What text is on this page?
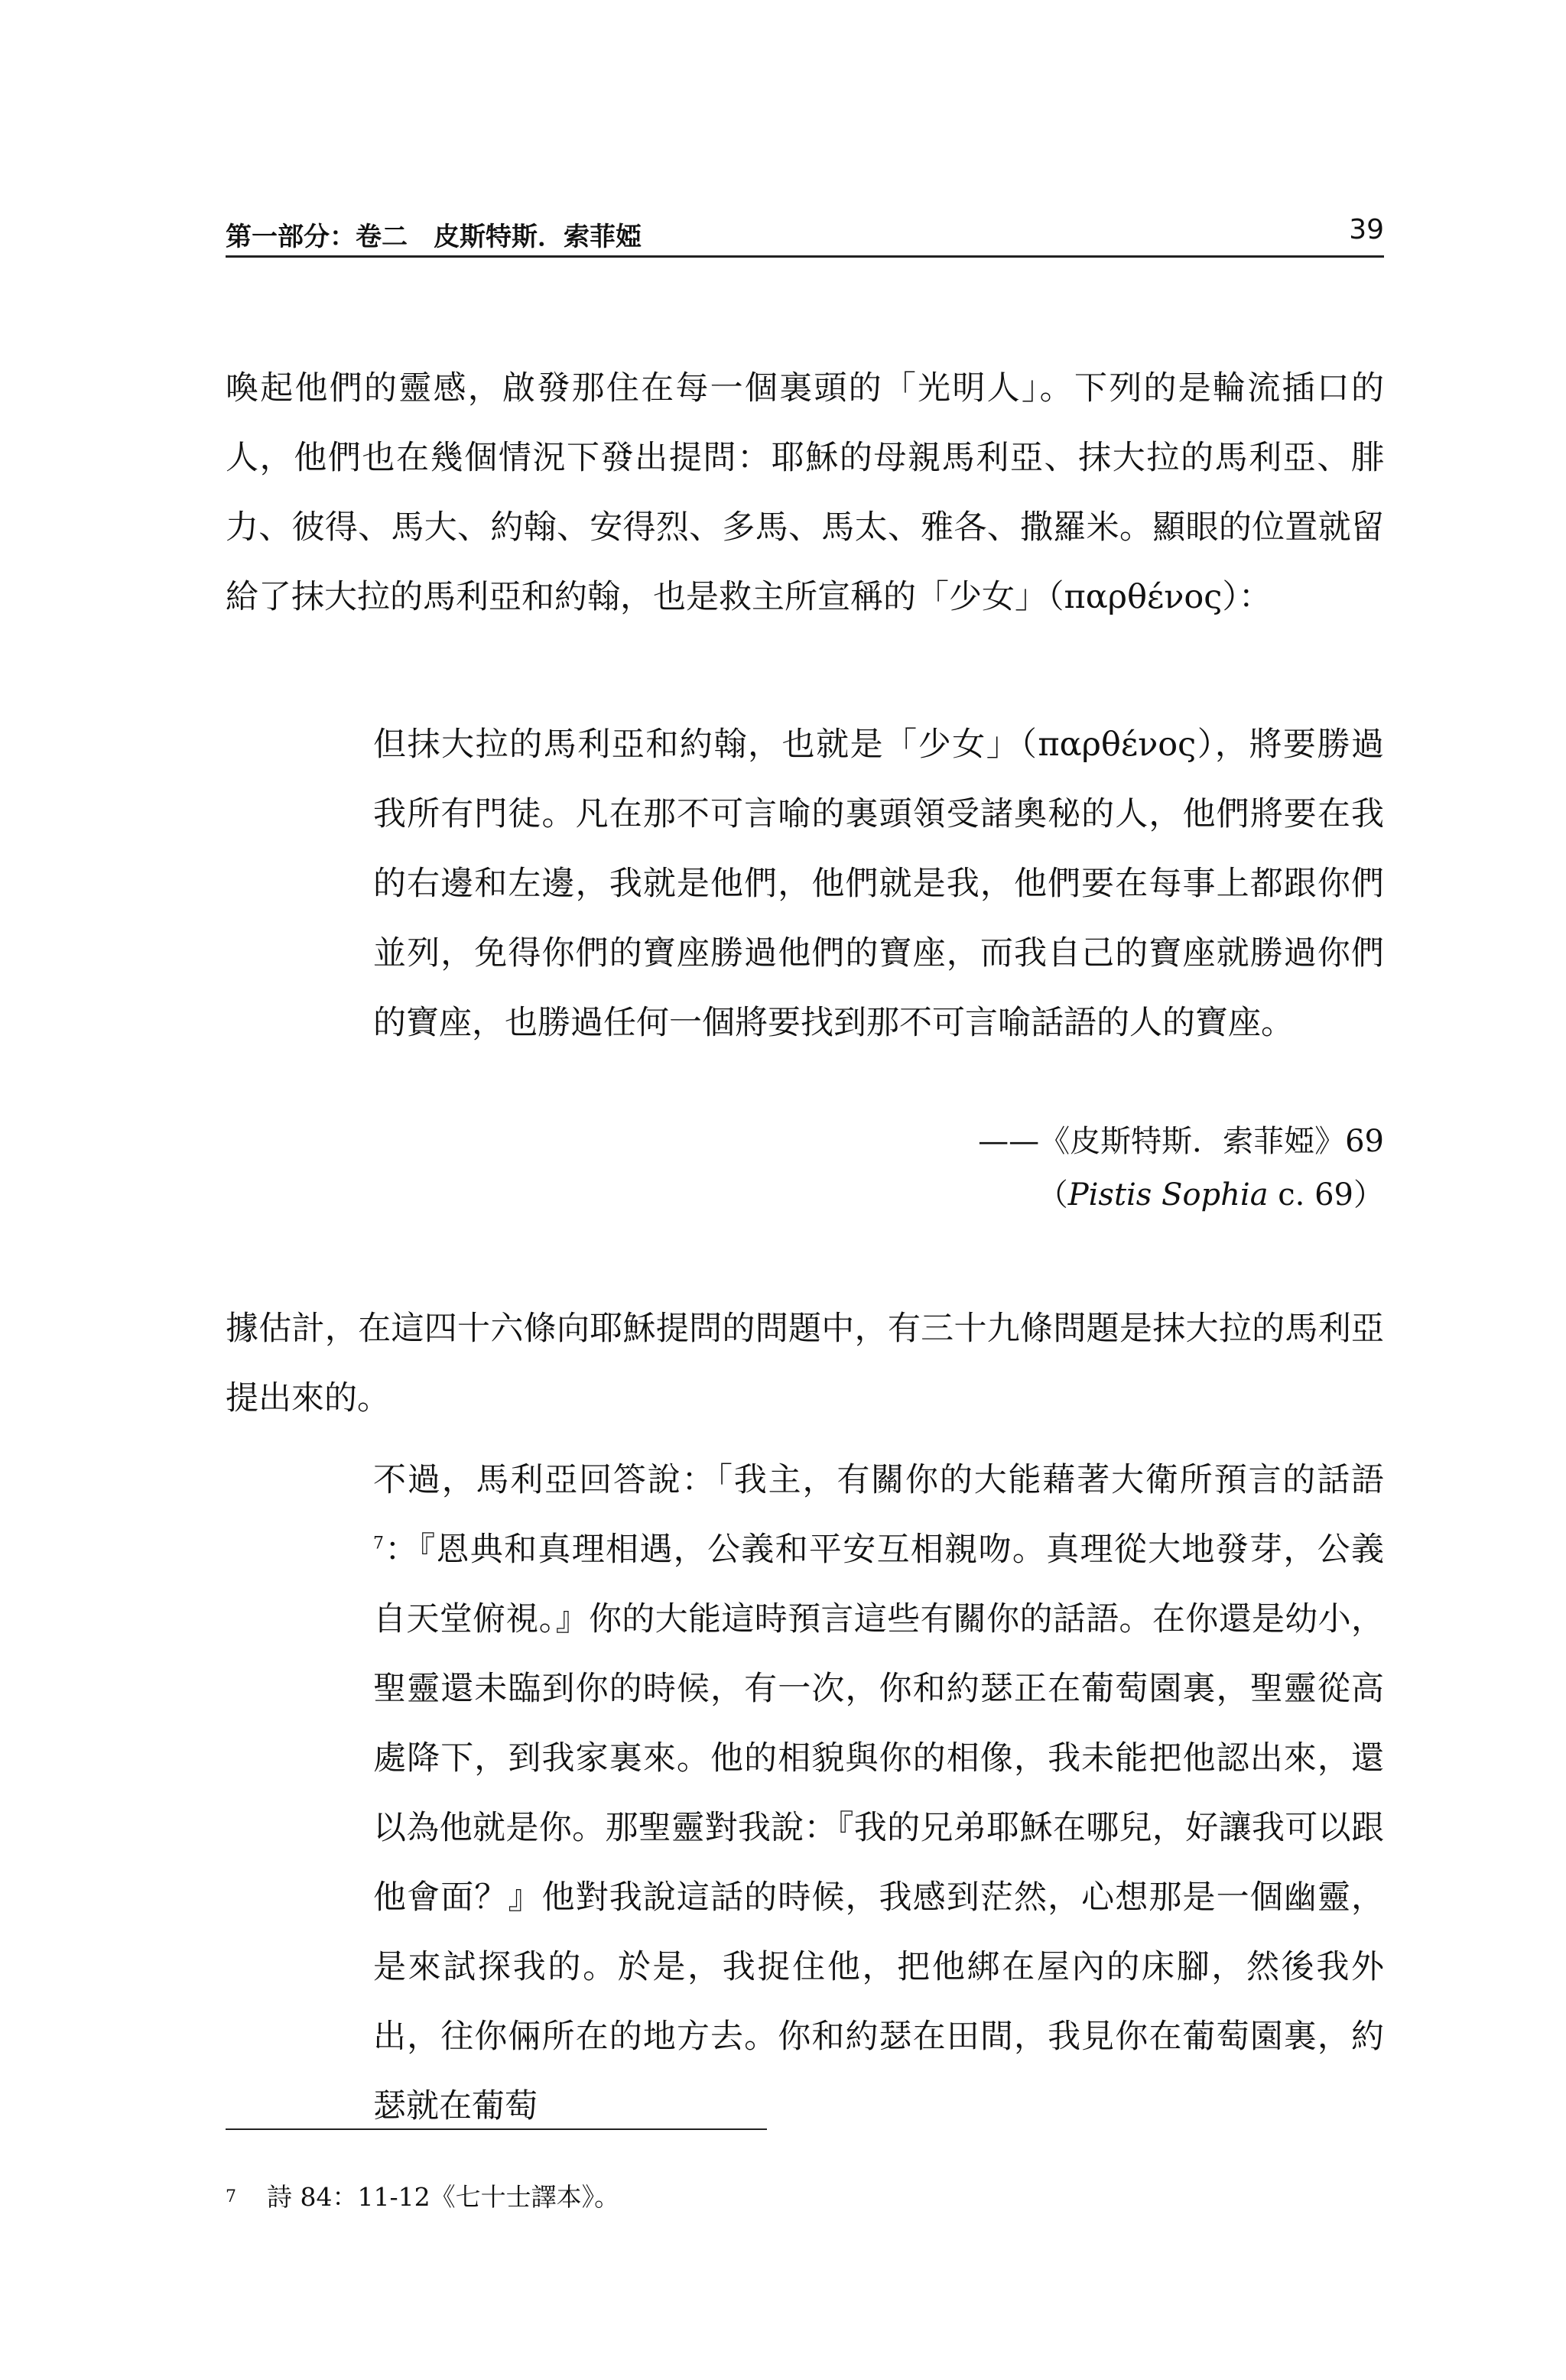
第一部分：卷二 皮斯特斯．索菲婭	39

喚起他們的靈感，啟發那住在每一個裏頭的「光明人」。下列的是輪流插口的人，他們也在幾個情況下發出提問：耶穌的母親馬利亞、抹大拉的馬利亞、腓力、彼得、馬大、約翰、安得烈、多馬、馬太、雅各、撒羅米。顯眼的位置就留給了抹大拉的馬利亞和約翰，也是救主所宣稱的「少女」（παρθένος）：

但抹大拉的馬利亞和約翰，也就是「少女」（παρθένος），將要勝過我所有門徒。凡在那不可言喻的裏頭領受諸奧秘的人，他們將要在我的右邊和左邊，我就是他們，他們就是我，他們要在每事上都跟你們並列，免得你們的寶座勝過他們的寶座，而我自己的寶座就勝過你們的寶座，也勝過任何一個將要找到那不可言喻話語的人的寶座。

——《皮斯特斯．索菲婭》69
（Pistis Sophia c. 69）

據估計，在這四十六條向耶穌提問的問題中，有三十九條問題是抹大拉的馬利亞提出來的。

不過，馬利亞回答說：「我主，有關你的大能藉著大衛所預言的話語$^7$：『恩典和真理相遇，公義和平安互相親吻。真理從大地發芽，公義自天堂俯視。』你的大能這時預言這些有關你的話語。在你還是幼小，聖靈還未臨到你的時候，有一次，你和約瑟正在葡萄園裏，聖靈從高處降下，到我家裏來。他的相貌與你的相像，我未能把他認出來，還以為他就是你。那聖靈對我說：『我的兄弟耶穌在哪兒，好讓我可以跟他會面？』他對我說這話的時候，我感到茫然，心想那是一個幽靈，是來試探我的。於是，我捉住他，把他綁在屋內的床腳，然後我外出，往你倆所在的地方去。你和約瑟在田間，我見你在葡萄園裏，約瑟就在葡萄

$^7$ 詩 84：11-12《七十士譯本》。
